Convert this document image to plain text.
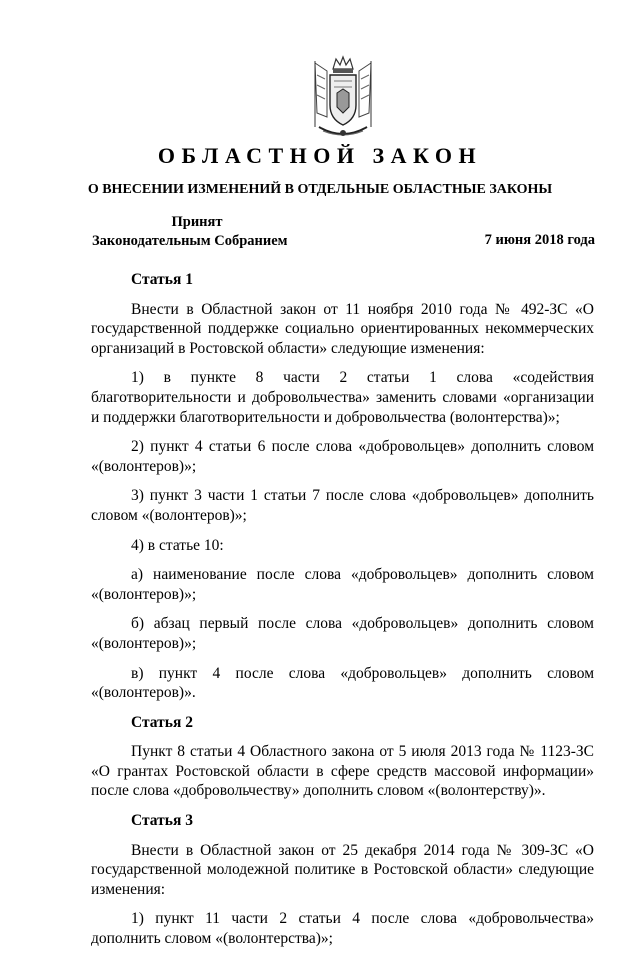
ОБЛАСТНОЙ ЗАКОН
О ВНЕСЕНИИ ИЗМЕНЕНИЙ В ОТДЕЛЬНЫЕ ОБЛАСТНЫЕ ЗАКОНЫ
Принят
Законодательным Собранием	7 июня 2018 года
Статья 1
Внести в Областной закон от 11 ноября 2010 года № 492-ЗС «О государственной поддержке социально ориентированных некоммерческих организаций в Ростовской области» следующие изменения:
1) в пункте 8 части 2 статьи 1 слова «содействия благотворительности и добровольчества» заменить словами «организации и поддержки благотворительности и добровольчества (волонтерства)»;
2) пункт 4 статьи 6 после слова «добровольцев» дополнить словом «(волонтеров)»;
3) пункт 3 части 1 статьи 7 после слова «добровольцев» дополнить словом «(волонтеров)»;
4) в статье 10:
а) наименование после слова «добровольцев» дополнить словом «(волонтеров)»;
б) абзац первый после слова «добровольцев» дополнить словом «(волонтеров)»;
в) пункт 4 после слова «добровольцев» дополнить словом «(волонтеров)».
Статья 2
Пункт 8 статьи 4 Областного закона от 5 июля 2013 года № 1123-ЗС «О грантах Ростовской области в сфере средств массовой информации» после слова «добровольчеству» дополнить словом «(волонтерству)».
Статья 3
Внести в Областной закон от 25 декабря 2014 года № 309-ЗС «О государственной молодежной политике в Ростовской области» следующие изменения:
1) пункт 11 части 2 статьи 4 после слова «добровольчества» дополнить словом «(волонтерства)»;
